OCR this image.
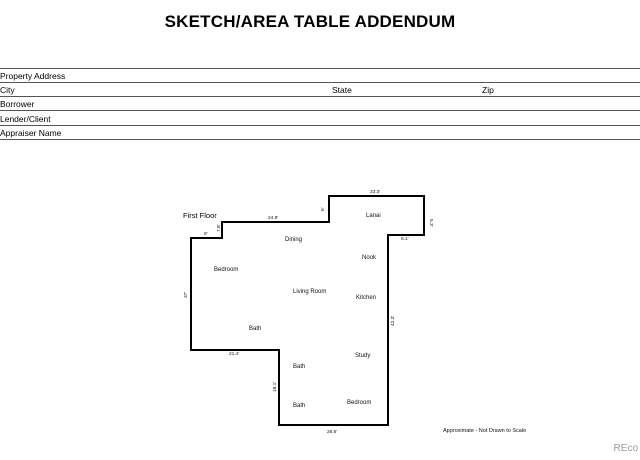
SKETCH/AREA TABLE ADDENDUM
Property Address
City	State	Zip
Borrower
Lender/Client
Appraiser Name
First Floor
Dining
Lanai
Nook
Bedroom
Living Room
Kitchen
Bath
Study
Bath
Bath	Bedroom
23.3'
24.8'
8'
7.8'
6'
5.3'
6.1'
37'
42.3'
21.4'
18.1'
26.6'	Approximate - Not Drawn to Scale
REco
